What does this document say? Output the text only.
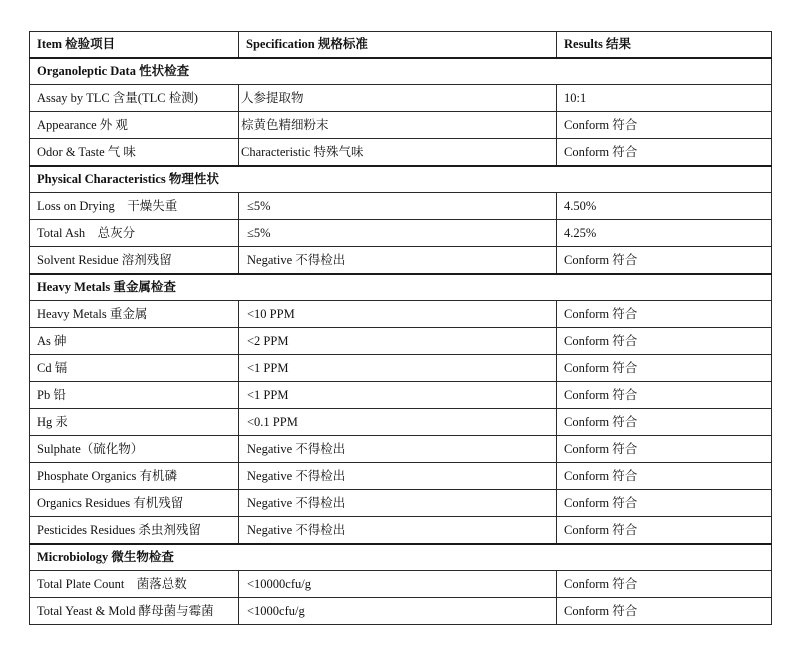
Item 检验项目	Specification 规格标准	Results 结果
Organoleptic Data 性状检查		
Assay by TLC 含量(TLC 检测)	人参提取物	10:1
Appearance 外 观	棕黄色精细粉末	Conform 符合
Odor & Taste 气 味	Characteristic 特殊气味	Conform 符合
Physical Characteristics 物理性状		
Loss on Drying    干燥失重	≤5%	4.50%
Total Ash    总灰分	≤5%	4.25%
Solvent Residue 溶剂残留	Negative 不得检出	Conform 符合
Heavy Metals 重金属检查		
Heavy Metals 重金属	<10 PPM	Conform 符合
As 砷	<2 PPM	Conform 符合
Cd 镉	<1 PPM	Conform 符合
Pb 铅	<1 PPM	Conform 符合
Hg 汞	<0.1 PPM	Conform 符合
Sulphate（硫化物）	Negative 不得检出	Conform 符合
Phosphate Organics 有机磷	Negative 不得检出	Conform 符合
Organics Residues 有机残留	Negative 不得检出	Conform 符合
Pesticides Residues 杀虫剂残留	Negative 不得检出	Conform 符合
Microbiology 微生物检查		
Total Plate Count    菌落总数	<10000cfu/g	Conform 符合
Total Yeast & Mold 酵母菌与霉菌	<1000cfu/g	Conform 符合
